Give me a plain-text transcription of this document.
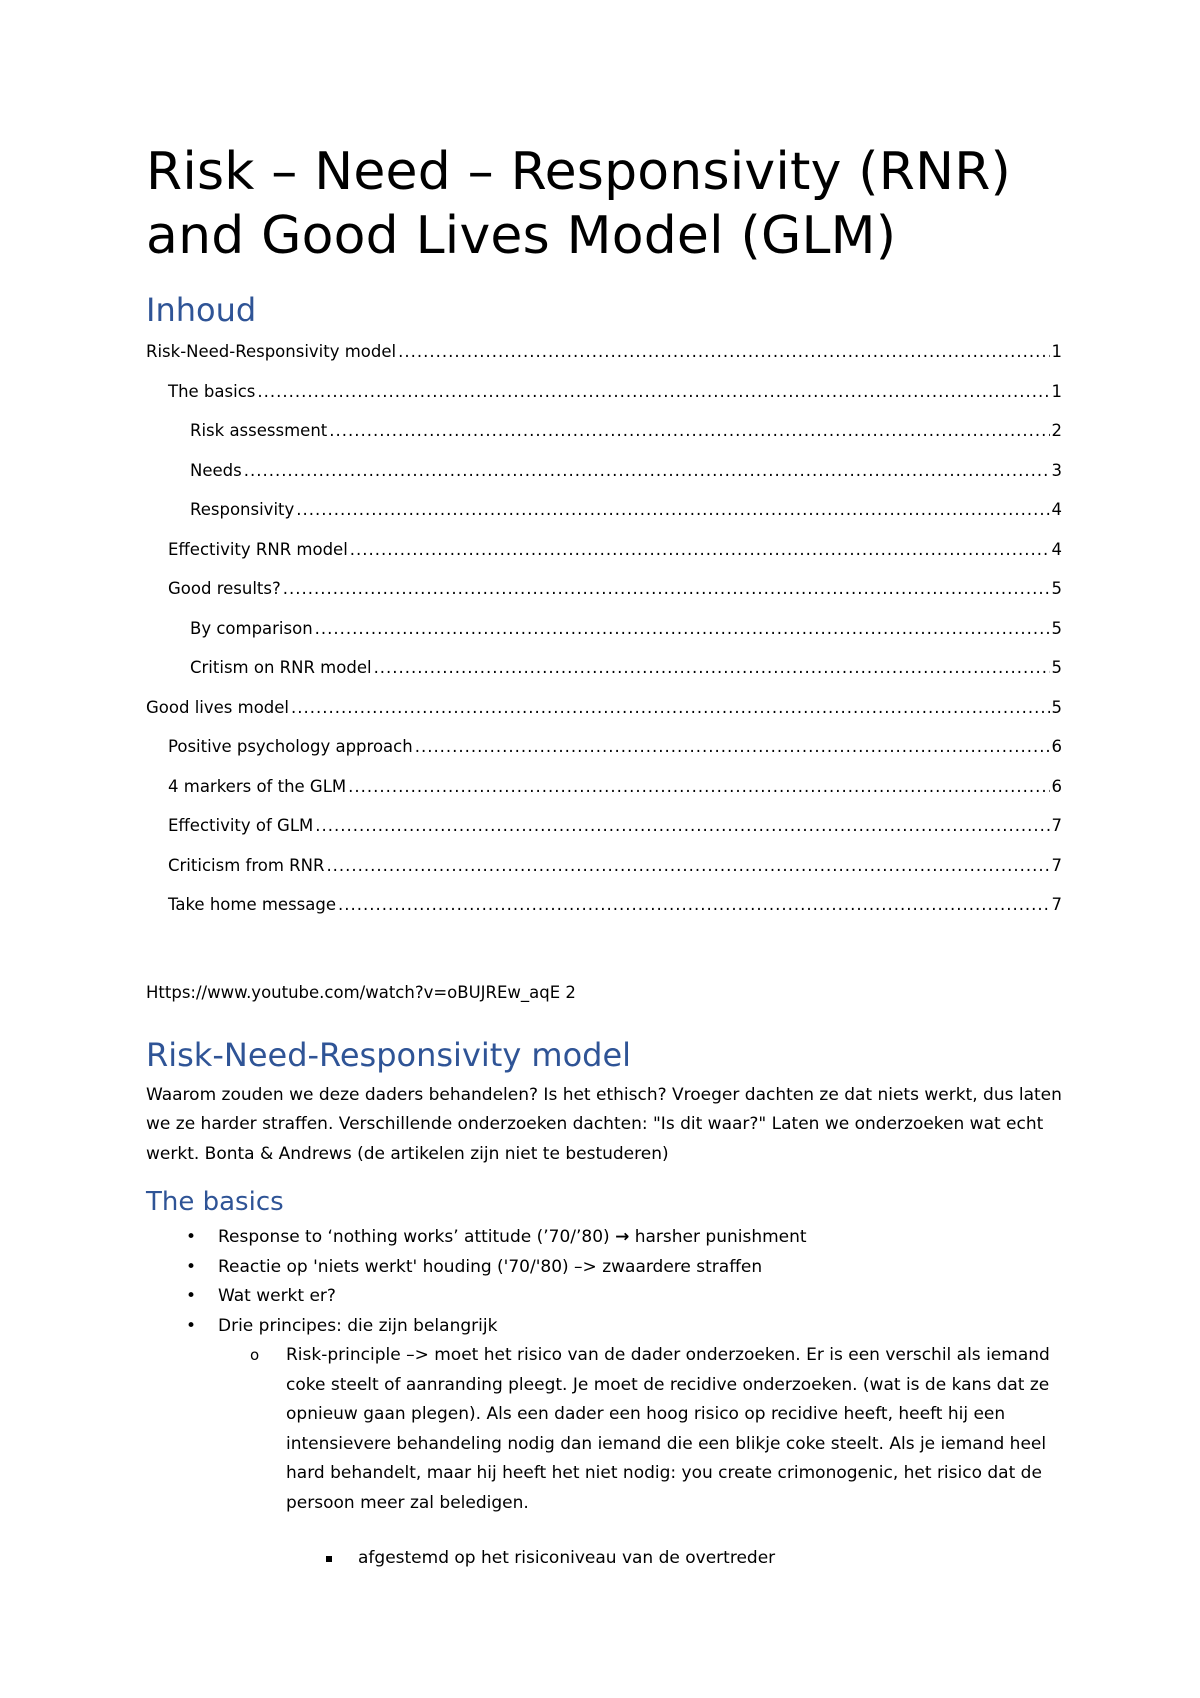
Risk – Need – Responsivity (RNR)
and Good Lives Model (GLM)
Inhoud
Risk-Need-Responsivity model .....	1
The basics .....	1
Risk assessment .....	2
Needs .....	3
Responsivity .....	4
Effectivity RNR model .....	4
Good results? .....	5
By comparison .....	5
Critism on RNR model .....	5
Good lives model .....	5
Positive psychology approach .....	6
4 markers of the GLM .....	6
Effectivity of GLM .....	7
Criticism from RNR .....	7
Take home message .....	7

Https://www.youtube.com/watch?v=oBUJREw_aqE 2

Risk-Need-Responsivity model

Waarom zouden we deze daders behandelen? Is het ethisch? Vroeger dachten ze dat niets werkt, dus laten we ze harder straffen. Verschillende onderzoeken dachten: "Is dit waar?" Laten we onderzoeken wat echt werkt. Bonta & Andrews (de artikelen zijn niet te bestuderen)

The basics
• Response to ‘nothing works’ attitude (’70/’80) → harsher punishment
• Reactie op 'niets werkt' houding ('70/'80) –> zwaardere straffen
• Wat werkt er?
• Drie principes: die zijn belangrijk
o Risk-principle –> moet het risico van de dader onderzoeken. Er is een verschil als iemand coke steelt of aanranding pleegt. Je moet de recidive onderzoeken. (wat is de kans dat ze opnieuw gaan plegen). Als een dader een hoog risico op recidive heeft, heeft hij een intensievere behandeling nodig dan iemand die een blikje coke steelt. Als je iemand heel hard behandelt, maar hij heeft het niet nodig: you create crimonogenic, het risico dat de persoon meer zal beledigen.
afgestemd op het risiconiveau van de overtreder
